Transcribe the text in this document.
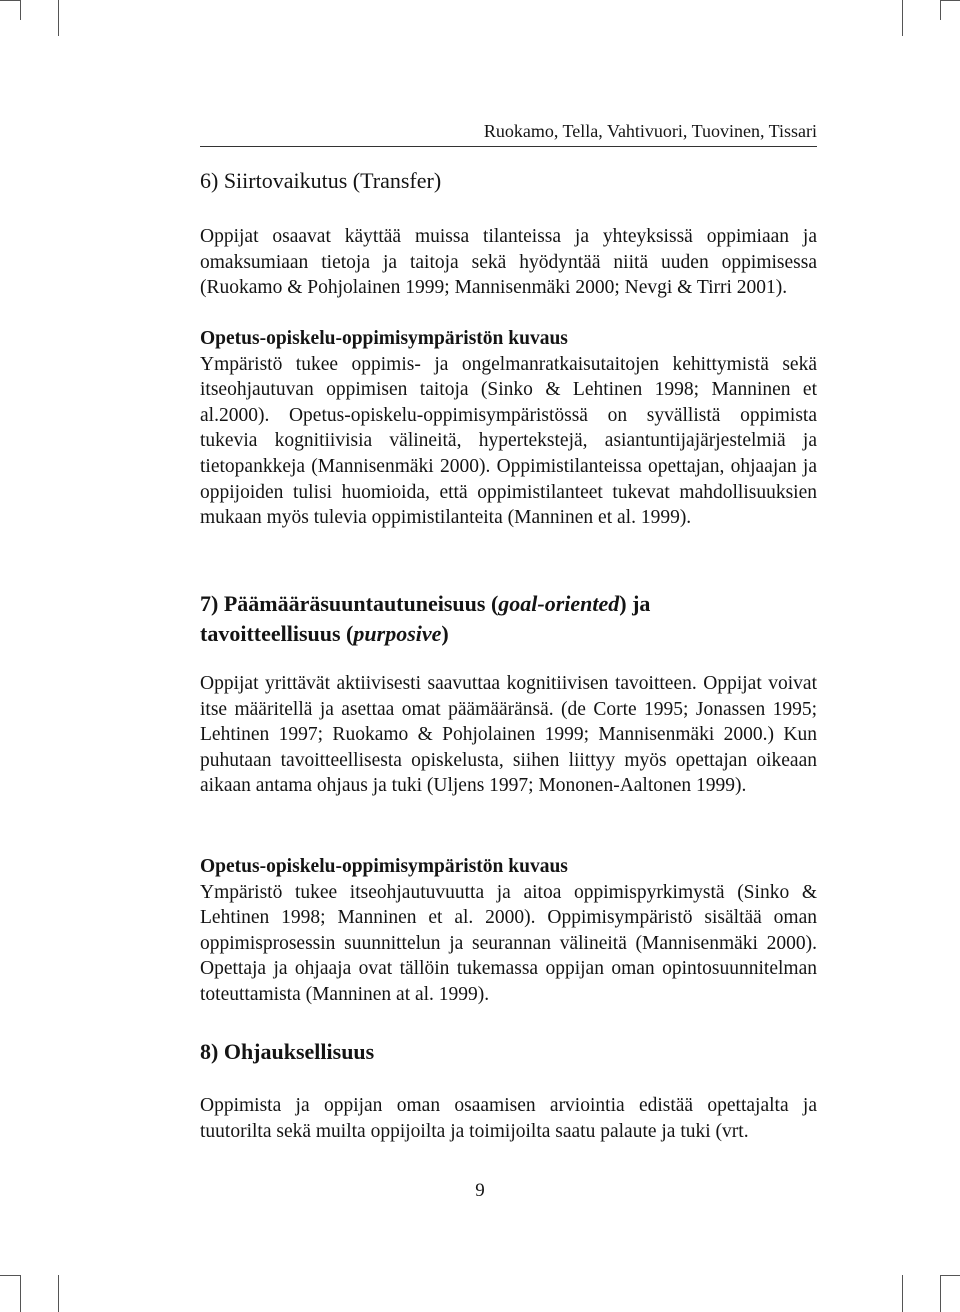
Ruokamo, Tella, Vahtivuori, Tuovinen, Tissari
6) Siirtovaikutus (Transfer)

Oppijat osaavat käyttää muissa tilanteissa ja yhteyksissä oppimiaan ja omaksumiaan tietoja ja taitoja sekä hyödyntää niitä uuden oppimisessa (Ruokamo & Pohjolainen 1999; Mannisenmäki 2000; Nevgi & Tirri 2001).

Opetus-opiskelu-oppimisympäristön kuvaus
Ympäristö tukee oppimis- ja ongelmanratkaisutaitojen kehittymistä sekä itseohjautuvan oppimisen taitoja (Sinko & Lehtinen 1998; Manninen et al.2000). Opetus-opiskelu-oppimisympäristössä on syvällistä oppimista tukevia kognitiivisia välineitä, hypertekstejä, asiantuntijajärjestelmiä ja tietopankkeja (Mannisenmäki 2000). Oppimistilanteissa opettajan, ohjaajan ja oppijoiden tulisi huomioida, että oppimistilanteet tukevat mahdollisuuksien mukaan myös tulevia oppimistilanteita (Manninen et al. 1999).
7) Päämääräsuuntautuneisuus (goal-oriented) ja
tavoitteellisuus (purposive)

Oppijat yrittävät aktiivisesti saavuttaa kognitiivisen tavoitteen. Oppijat voivat itse määritellä ja asettaa omat päämääränsä. (de Corte 1995; Jonassen 1995; Lehtinen 1997; Ruokamo & Pohjolainen 1999; Mannisenmäki 2000.) Kun puhutaan tavoitteellisesta opiskelusta, siihen liittyy myös opettajan oikeaan aikaan antama ohjaus ja tuki (Uljens 1997; Mononen-Aaltonen 1999).

Opetus-opiskelu-oppimisympäristön kuvaus
Ympäristö tukee itseohjautuvuutta ja aitoa oppimispyrkimystä (Sinko & Lehtinen 1998; Manninen et al. 2000). Oppimisympäristö sisältää oman oppimisprosessin suunnittelun ja seurannan välineitä (Mannisenmäki 2000). Opettaja ja ohjaaja ovat tällöin tukemassa oppijan oman opintosuunnitelman toteuttamista (Manninen at al. 1999).
8) Ohjauksellisuus

Oppimista ja oppijan oman osaamisen arviointia edistää opettajalta ja tuutorilta sekä muilta oppijoilta ja toimijoilta saatu palaute ja tuki (vrt.

9
